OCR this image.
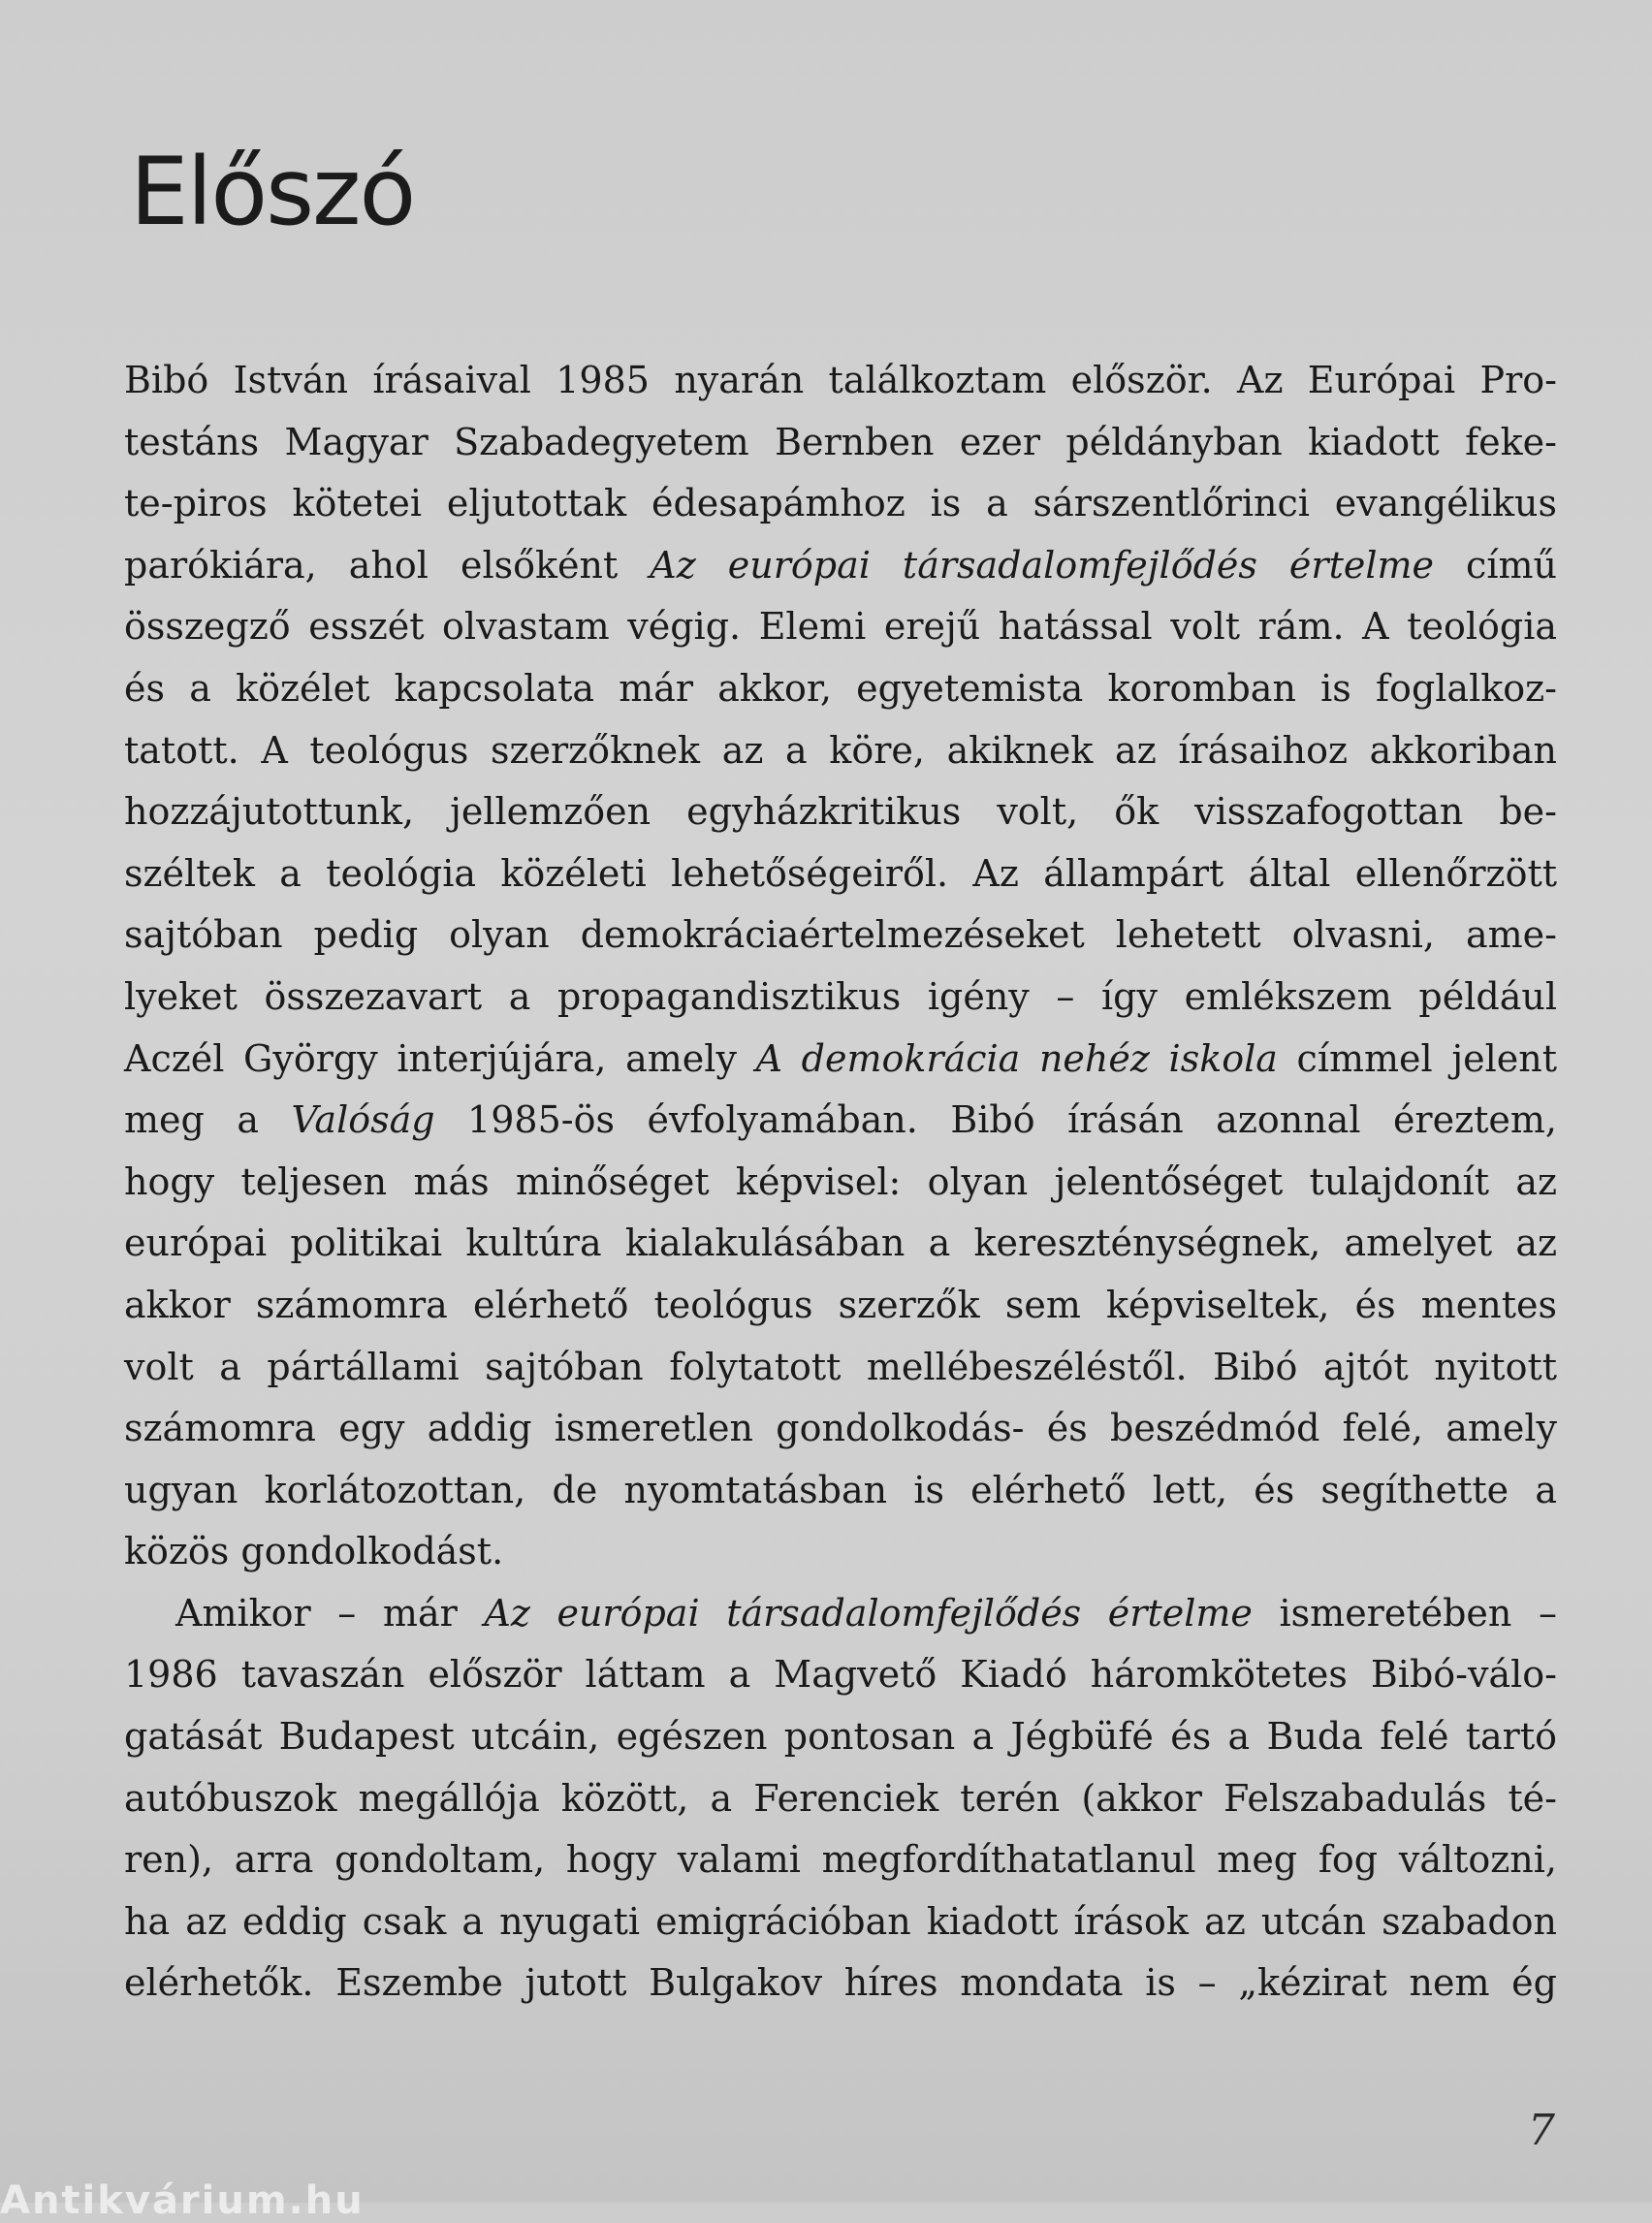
Előszó
Bibó István írásaival 1985 nyarán találkoztam először. Az Európai Pro-
testáns Magyar Szabadegyetem Bernben ezer példányban kiadott feke-
te-piros kötetei eljutottak édesapámhoz is a sárszentlőrinci evangélikus
parókiára, ahol elsőként Az európai társadalomfejlődés értelme című
összegző esszét olvastam végig. Elemi erejű hatással volt rám. A teológia
és a közélet kapcsolata már akkor, egyetemista koromban is foglalkoz-
tatott. A teológus szerzőknek az a köre, akiknek az írásaihoz akkoriban
hozzájutottunk, jellemzően egyházkritikus volt, ők visszafogottan be-
széltek a teológia közéleti lehetőségeiről. Az állampárt által ellenőrzött
sajtóban pedig olyan demokráciaértelmezéseket lehetett olvasni, ame-
lyeket összezavart a propagandisztikus igény – így emlékszem például
Aczél György interjújára, amely A demokrácia nehéz iskola címmel jelent
meg a Valóság 1985-ös évfolyamában. Bibó írásán azonnal éreztem,
hogy teljesen más minőséget képvisel: olyan jelentőséget tulajdonít az
európai politikai kultúra kialakulásában a kereszténységnek, amelyet az
akkor számomra elérhető teológus szerzők sem képviseltek, és mentes
volt a pártállami sajtóban folytatott mellébeszéléstől. Bibó ajtót nyitott
számomra egy addig ismeretlen gondolkodás- és beszédmód felé, amely
ugyan korlátozottan, de nyomtatásban is elérhető lett, és segíthette a
közös gondolkodást.
Amikor – már Az európai társadalomfejlődés értelme ismeretében –
1986 tavaszán először láttam a Magvető Kiadó háromkötetes Bibó-válo-
gatását Budapest utcáin, egészen pontosan a Jégbüfé és a Buda felé tartó
autóbuszok megállója között, a Ferenciek terén (akkor Felszabadulás té-
ren), arra gondoltam, hogy valami megfordíthatatlanul meg fog változni,
ha az eddig csak a nyugati emigrációban kiadott írások az utcán szabadon
elérhetők. Eszembe jutott Bulgakov híres mondata is – „kézirat nem ég
7
Antikvárium.hu
